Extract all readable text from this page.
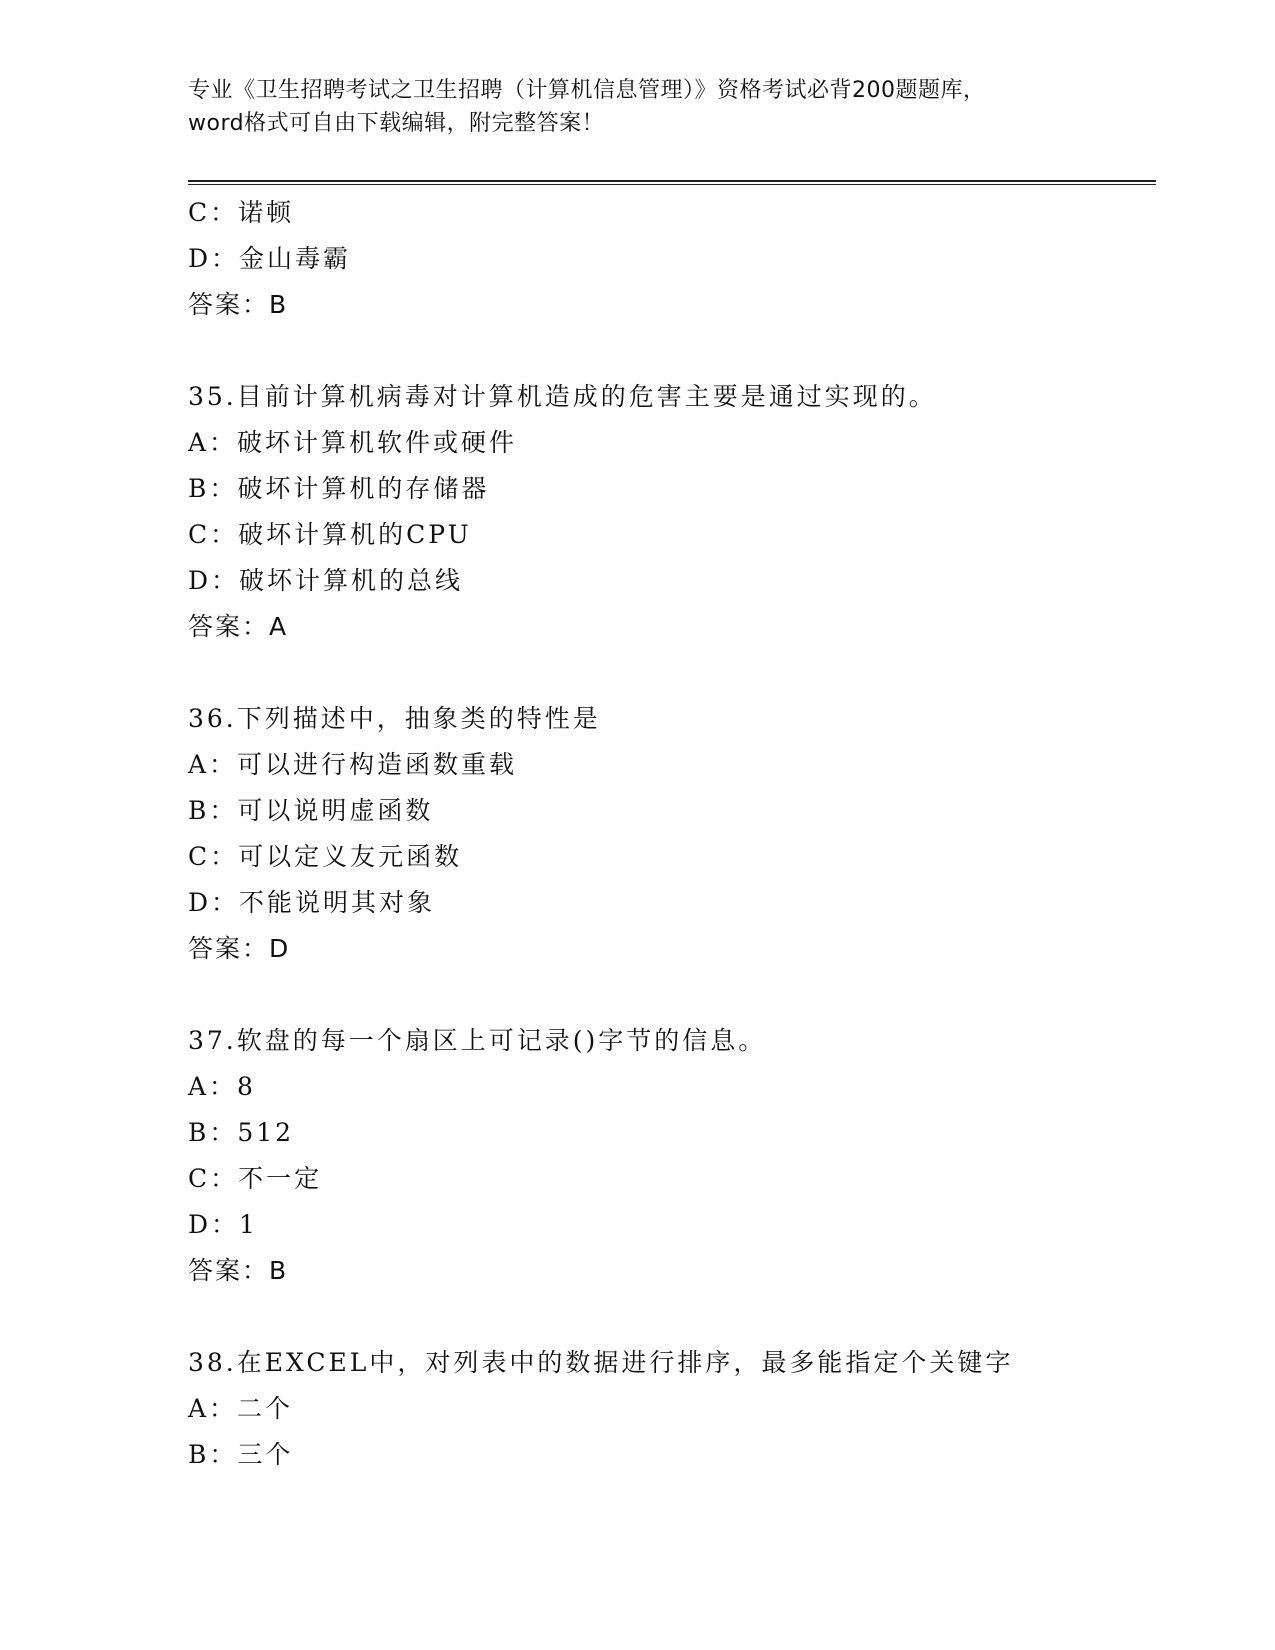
专业《卫生招聘考试之卫生招聘（计算机信息管理）》资格考试必背200题题库，
word格式可自由下载编辑，附完整答案！
C：诺顿
D：金山毒霸
答案：B
35.目前计算机病毒对计算机造成的危害主要是通过实现的。
A：破坏计算机软件或硬件
B：破坏计算机的存储器
C：破坏计算机的CPU
D：破坏计算机的总线
答案：A
36.下列描述中，抽象类的特性是
A：可以进行构造函数重载
B：可以说明虚函数
C：可以定义友元函数
D：不能说明其对象
答案：D
37.软盘的每一个扇区上可记录()字节的信息。
A：8
B：512
C：不一定
D：1
答案：B
38.在EXCEL中，对列表中的数据进行排序，最多能指定个关键字
A：二个
B：三个
